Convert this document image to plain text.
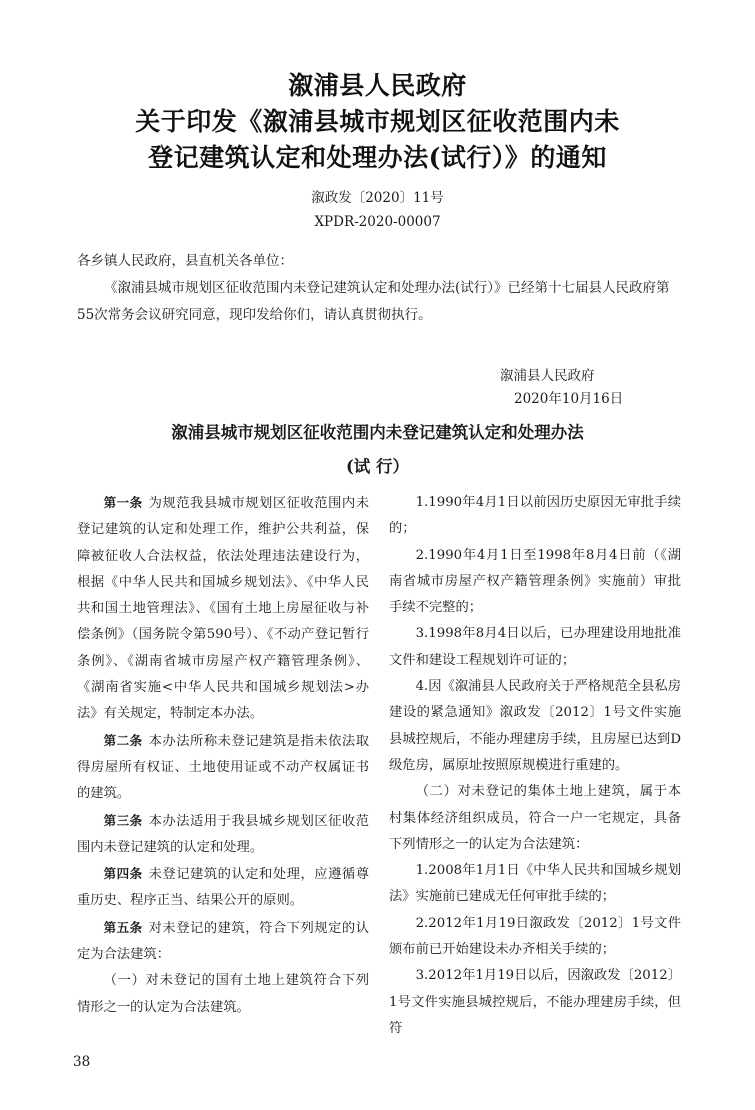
溆浦县人民政府
关于印发《溆浦县城市规划区征收范围内未
登记建筑认定和处理办法(试行）》的通知
溆政发〔2020〕11号
XPDR-2020-00007

各乡镇人民政府，县直机关各单位：

《溆浦县城市规划区征收范围内未登记建筑认定和处理办法(试行）》已经第十七届县人民政府第55次常务会议研究同意，现印发给你们，请认真贯彻执行。

溆浦县人民政府
2020年10月16日
溆浦县城市规划区征收范围内未登记建筑认定和处理办法
(试 行）

第一条 为规范我县城市规划区征收范围内未登记建筑的认定和处理工作，维护公共利益，保障被征收人合法权益，依法处理违法建设行为，根据《中华人民共和国城乡规划法》、《中华人民共和国土地管理法》、《国有土地上房屋征收与补偿条例》（国务院令第590号）、《不动产登记暂行条例》、《湖南省城市房屋产权产籍管理条例》、《湖南省实施<中华人民共和国城乡规划法>办法》有关规定，特制定本办法。

第二条 本办法所称未登记建筑是指未依法取得房屋所有权证、土地使用证或不动产权属证书的建筑。

第三条 本办法适用于我县城乡规划区征收范围内未登记建筑的认定和处理。

第四条 未登记建筑的认定和处理，应遵循尊重历史、程序正当、结果公开的原则。

第五条 对未登记的建筑，符合下列规定的认定为合法建筑：

（一）对未登记的国有土地上建筑符合下列情形之一的认定为合法建筑。

1.1990年4月1日以前因历史原因无审批手续的；

2.1990年4月1日至1998年8月4日前（《湖南省城市房屋产权产籍管理条例》实施前）审批手续不完整的；

3.1998年8月4日以后，已办理建设用地批准文件和建设工程规划许可证的；

4.因《溆浦县人民政府关于严格规范全县私房建设的紧急通知》溆政发〔2012〕1号文件实施县城控规后，不能办理建房手续，且房屋已达到D级危房，属原址按照原规模进行重建的。

（二）对未登记的集体土地上建筑，属于本村集体经济组织成员，符合一户一宅规定，具备下列情形之一的认定为合法建筑：

1.2008年1月1日《中华人民共和国城乡规划法》实施前已建成无任何审批手续的；

2.2012年1月19日溆政发〔2012〕1号文件颁布前已开始建设未办齐相关手续的；

3.2012年1月19日以后，因溆政发〔2012〕1号文件实施县城控规后，不能办理建房手续，但符

38
